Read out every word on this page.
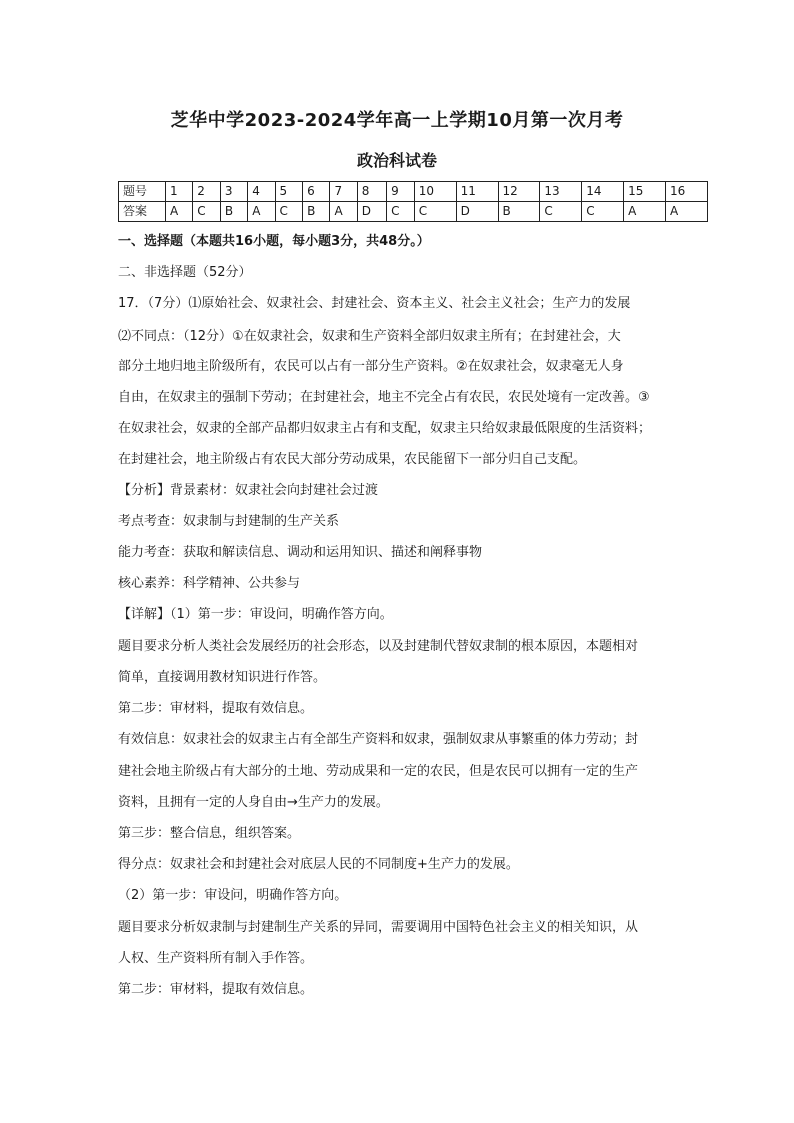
芝华中学2023-2024学年高一上学期10月第一次月考
政治科试卷
题号	1	2	3	4	5	6	7	8	9	10	11	12	13	14	15	16
答案	A	C	B	A	C	B	A	D	C	C	D	B	C	C	A	A
一、选择题（本题共16小题，每小题3分，共48分。）
二、非选择题（52分）
17．（7分）⑴原始社会、奴隶社会、封建社会、资本主义、社会主义社会；生产力的发展
⑵不同点：（12分）①在奴隶社会，奴隶和生产资料全部归奴隶主所有；在封建社会，大
部分土地归地主阶级所有，农民可以占有一部分生产资料。②在奴隶社会，奴隶毫无人身
自由，在奴隶主的强制下劳动；在封建社会，地主不完全占有农民，农民处境有一定改善。③
在奴隶社会，奴隶的全部产品都归奴隶主占有和支配，奴隶主只给奴隶最低限度的生活资料；
在封建社会，地主阶级占有农民大部分劳动成果，农民能留下一部分归自己支配。
【分析】背景素材：奴隶社会向封建社会过渡
考点考查：奴隶制与封建制的生产关系
能力考查：获取和解读信息、调动和运用知识、描述和阐释事物
核心素养：科学精神、公共参与
【详解】（1）第一步：审设问，明确作答方向。
题目要求分析人类社会发展经历的社会形态，以及封建制代替奴隶制的根本原因，本题相对
简单，直接调用教材知识进行作答。
第二步：审材料，提取有效信息。
有效信息：奴隶社会的奴隶主占有全部生产资料和奴隶，强制奴隶从事繁重的体力劳动；封
建社会地主阶级占有大部分的土地、劳动成果和一定的农民，但是农民可以拥有一定的生产
资料，且拥有一定的人身自由→生产力的发展。
第三步：整合信息，组织答案。
得分点：奴隶社会和封建社会对底层人民的不同制度+生产力的发展。
（2）第一步：审设问，明确作答方向。
题目要求分析奴隶制与封建制生产关系的异同，需要调用中国特色社会主义的相关知识，从
人权、生产资料所有制入手作答。
第二步：审材料，提取有效信息。
